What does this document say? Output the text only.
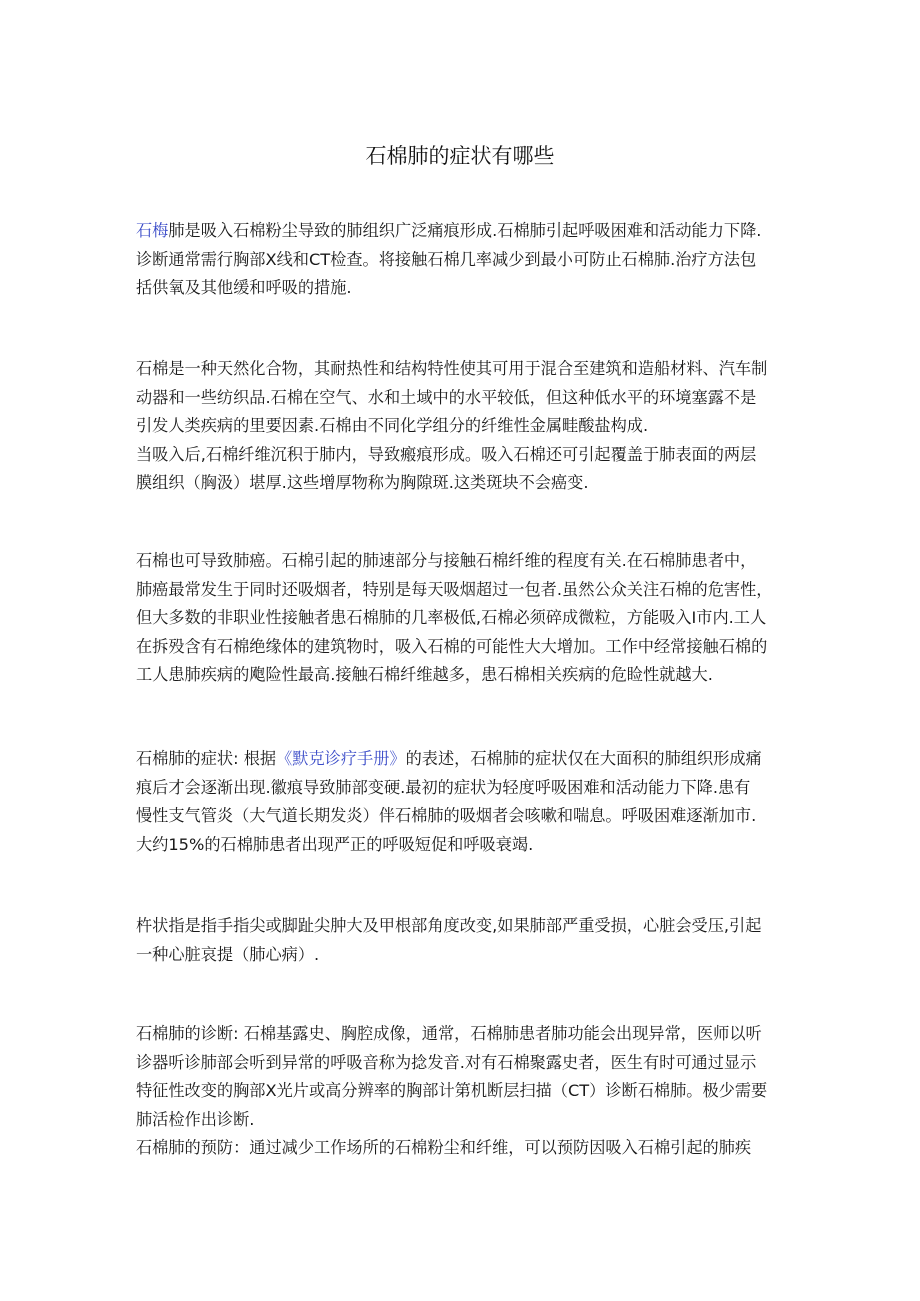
石棉肺的症状有哪些
石梅肺是吸入石棉粉尘导致的肺组织广泛痛痕形成.石棉肺引起呼吸困难和活动能力下降.
诊断通常需行胸部X线和CT检查。将接触石棉几率减少到最小可防止石棉肺.治疗方法包
括供氧及其他缓和呼吸的措施.
石棉是一种天然化合物，其耐热性和结构特性使其可用于混合至建筑和造船材料、汽车制
动器和一些纺织品.石棉在空气、水和土域中的水平较低，但这种低水平的环境塞露不是
引发人类疾病的里要因素.石棉由不同化学组分的纤维性金属畦酸盐构成.
当吸入后,石棉纤维沉积于肺内，导致瘢痕形成。吸入石棉还可引起覆盖于肺表面的两层
膜组织（胸汲）堪厚.这些增厚物称为胸隙斑.这类斑块不会癌变.
石棉也可导致肺癌。石棉引起的肺速部分与接触石棉纤维的程度有关.在石棉肺患者中，
肺癌最常发生于同时还吸烟者，特别是每天吸烟超过一包者.虽然公众关注石棉的危害性，
但大多数的非职业性接触者患石棉肺的几率极低,石棉必须碎成微粒，方能吸入I市内.工人
在拆殁含有石棉绝缘体的建筑物时，吸入石棉的可能性大大增加。工作中经常接触石棉的
工人患肺疾病的飑险性最高.接触石棉纤维越多，患石棉相关疾病的危睑性就越大.
石棉肺的症状: 根据《默克诊疗手册》的表述，石棉肺的症状仅在大面积的肺组织形成痛
痕后才会逐渐出现.徽痕导致肺部变硬.最初的症状为轻度呼吸困难和活动能力下降.患有
慢性支气管炎（大气道长期发炎）伴石棉肺的吸烟者会咳嗽和喘息。呼吸困难逐渐加市.
大约15%的石棉肺患者出现严正的呼吸短促和呼吸衰竭.
杵状指是指手指尖或脚趾尖肿大及甲根部角度改变,如果肺部严重受损，心脏会受压,引起
一种心脏哀提（肺心病）.
石棉肺的诊断: 石棉基露史、胸腔成像，通常，石棉肺患者肺功能会出现异常，医师以听
诊器听诊肺部会听到异常的呼吸音称为捻发音.对有石棉聚露史者，医生有时可通过显示
特征性改变的胸部X光片或高分辨率的胸部计第机断层扫描（CT）诊断石棉肺。极少需要
肺活检作出诊断.
石棉肺的预防：通过减少工作场所的石棉粉尘和纤维，可以预防因吸入石棉引起的肺疾
